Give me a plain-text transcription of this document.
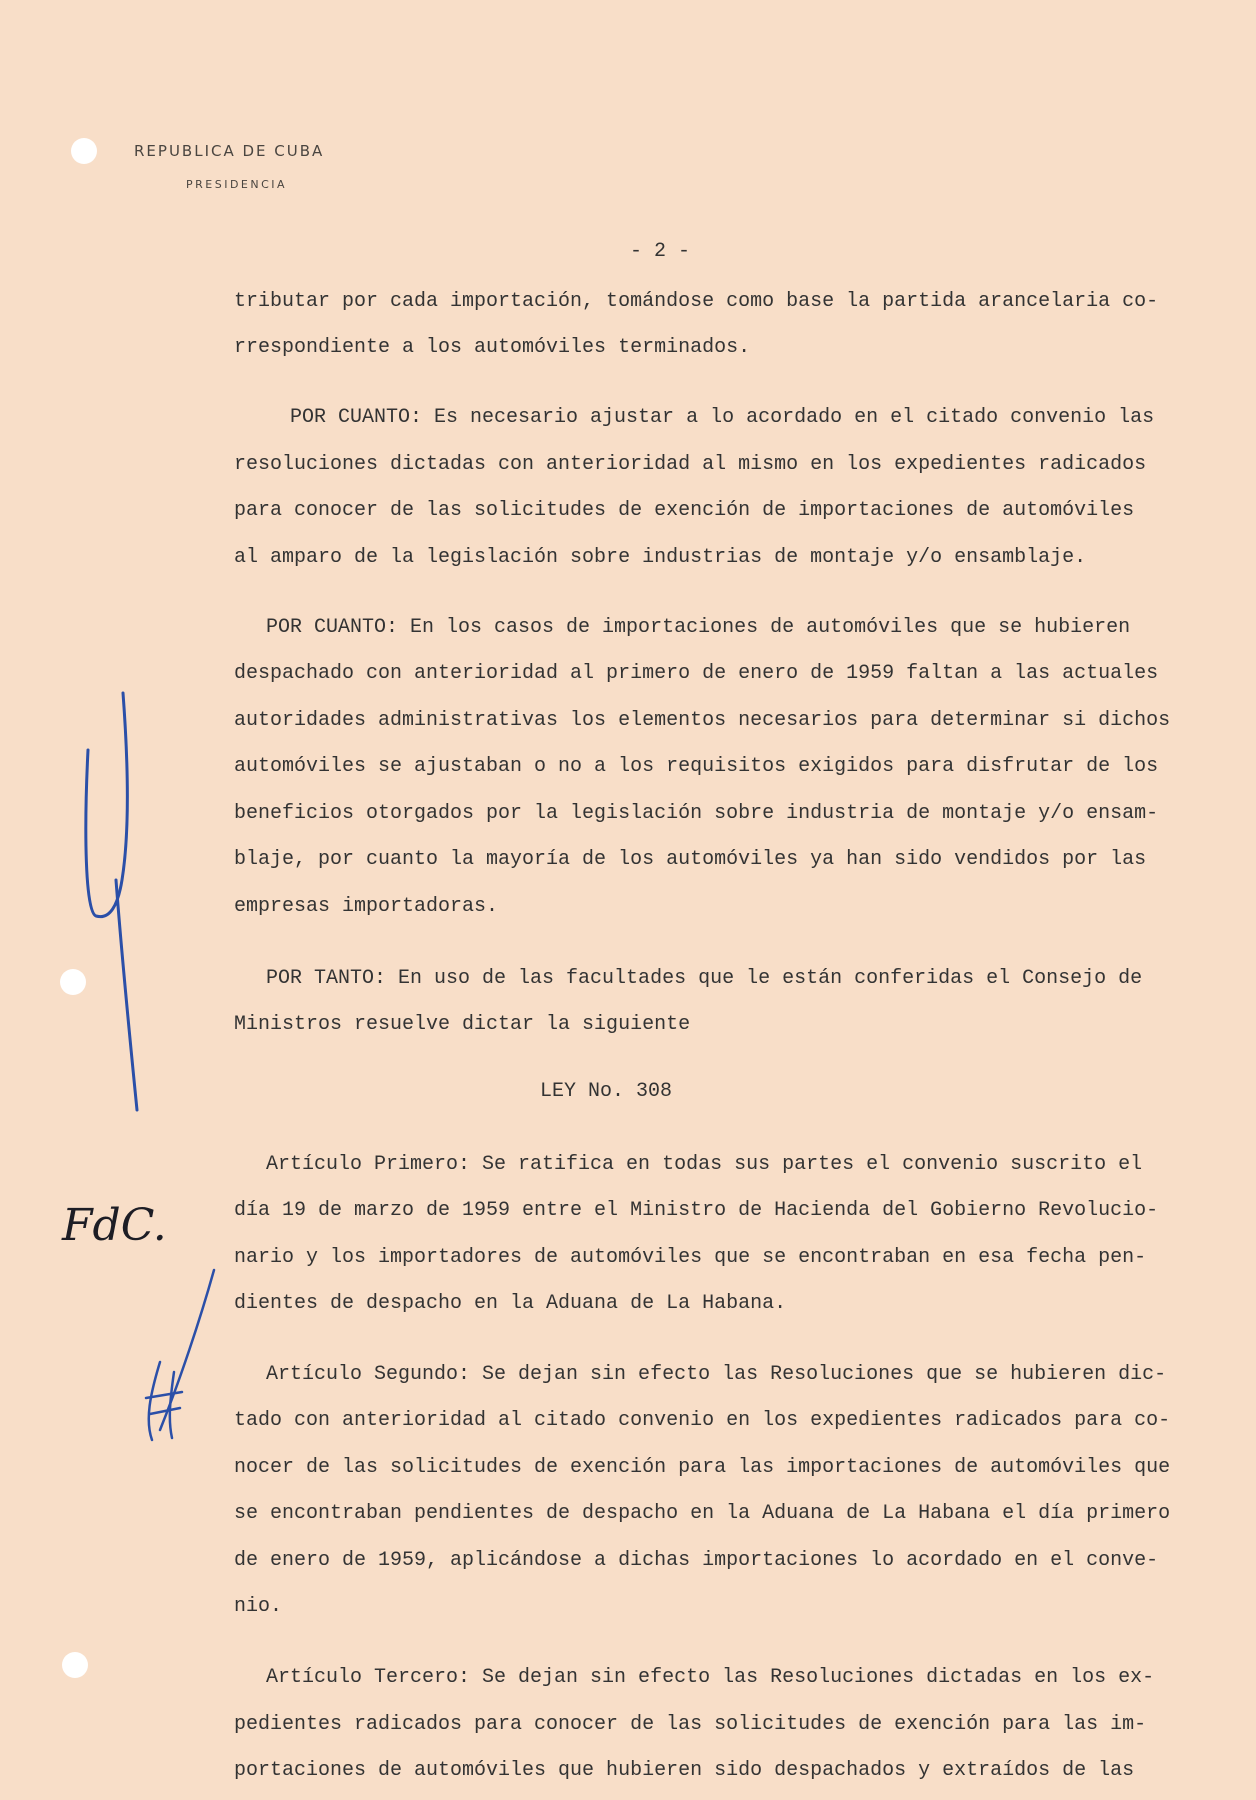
REPUBLICA DE CUBA
PRESIDENCIA
- 2 -
tributar por cada importación, tomándose como base la partida arancelaria co-
rrespondiente a los automóviles terminados.
POR CUANTO: Es necesario ajustar a lo acordado en el citado convenio las
resoluciones dictadas con anterioridad al mismo en los expedientes radicados
para conocer de las solicitudes de exención de importaciones de automóviles
al amparo de la legislación sobre industrias de montaje y/o ensamblaje.
POR CUANTO: En los casos de importaciones de automóviles que se hubieren
despachado con anterioridad al primero de enero de 1959 faltan a las actuales
autoridades administrativas los elementos necesarios para determinar si dichos
automóviles se ajustaban o no a los requisitos exigidos para disfrutar de los
beneficios otorgados por la legislación sobre industria de montaje y/o ensam-
blaje, por cuanto la mayoría de los automóviles ya han sido vendidos por las
empresas importadoras.
POR TANTO: En uso de las facultades que le están conferidas el Consejo de
Ministros resuelve dictar la siguiente
LEY No. 308
Artículo Primero: Se ratifica en todas sus partes el convenio suscrito el
día 19 de marzo de 1959 entre el Ministro de Hacienda del Gobierno Revolucio-
nario y los importadores de automóviles que se encontraban en esa fecha pen-
dientes de despacho en la Aduana de La Habana.
Artículo Segundo: Se dejan sin efecto las Resoluciones que se hubieren dic-
tado con anterioridad al citado convenio en los expedientes radicados para co-
nocer de las solicitudes de exención para las importaciones de automóviles que
se encontraban pendientes de despacho en la Aduana de La Habana el día primero
de enero de 1959, aplicándose a dichas importaciones lo acordado en el conve-
nio.
Artículo Tercero: Se dejan sin efecto las Resoluciones dictadas en los ex-
pedientes radicados para conocer de las solicitudes de exención para las im-
portaciones de automóviles que hubieren sido despachados y extraídos de las
FdC.
